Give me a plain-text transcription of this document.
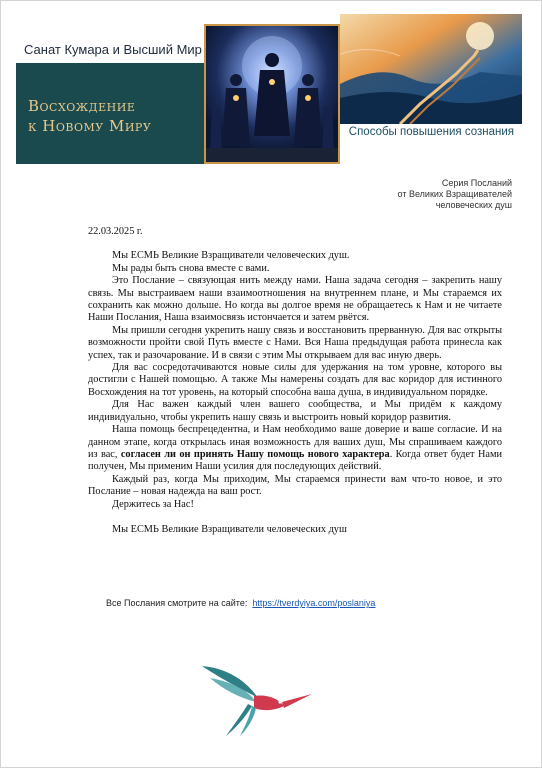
Санат Кумара и Высший Мир
Восхождение
к Новому Миру	Способы повышения сознания
Серия Посланий
от Великих Взращивателей
человеческих душ

22.03.2025 г.

Мы ЕСМЬ Великие Взращиватели человеческих душ.

Мы рады быть снова вместе с вами.

Это Послание – связующая нить между нами. Наша задача сегодня – закрепить нашу связь. Мы выстраиваем наши взаимоотношения на внутреннем плане, и Мы стараемся их сохранить как можно дольше. Но когда вы долгое время не обращаетесь к Нам и не читаете Наши Послания, Наша взаимосвязь истончается и затем рвётся.

Мы пришли сегодня укрепить нашу связь и восстановить прерванную. Для вас открыты возможности пройти свой Путь вместе с Нами. Вся Наша предыдущая работа принесла как успех, так и разочарование. И в связи с этим Мы открываем для вас иную дверь.

Для вас сосредотачиваются новые силы для удержания на том уровне, которого вы достигли с Нашей помощью. А также Мы намерены создать для вас коридор для истинного Восхождения на тот уровень, на который способна ваша душа, в индивидуальном порядке.

Для Нас важен каждый член вашего сообщества, и Мы придём к каждому индивидуально, чтобы укрепить нашу связь и выстроить новый коридор развития.

Наша помощь беспрецедентна, и Нам необходимо ваше доверие и ваше согласие. И на данном этапе, когда открылась иная возможность для ваших душ, Мы спрашиваем каждого из вас, согласен ли он принять Нашу помощь нового характера. Когда ответ будет Нами получен, Мы применим Наши усилия для последующих действий.

Каждый раз, когда Мы приходим, Мы стараемся принести вам что-то новое, и это Послание – новая надежда на ваш рост.

Держитесь за Нас!

Мы ЕСМЬ Великие Взращиватели человеческих душ

Все Послания смотрите на сайте: https://tverdyiya.com/poslaniya
